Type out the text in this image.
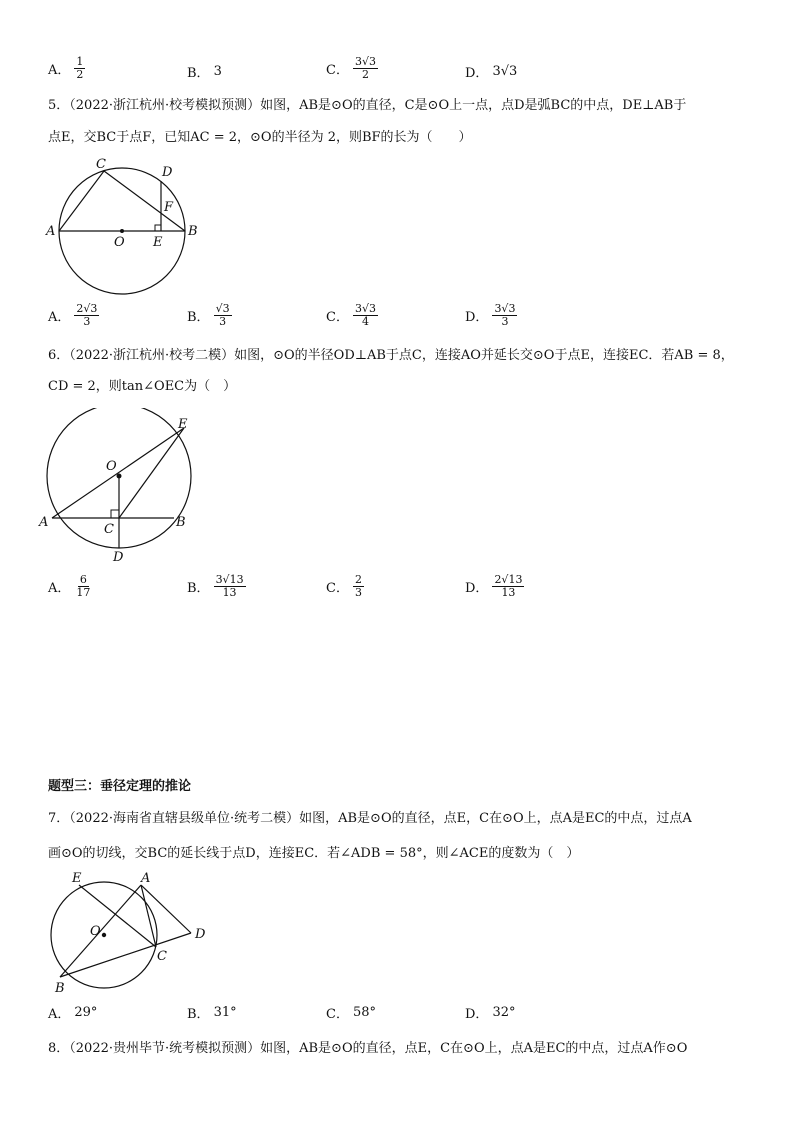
A． $\frac{1}{2}$	B． 3	C． $\frac{3√3}{2}$	D． 3√3
5．（2022·浙江杭州·校考模拟预测）如图，AB是⊙O的直径，C是⊙O上一点，点D是弧BC的中点，DE⊥AB于
点E，交BC于点F，已知AC = 2，⊙O的半径为 2，则BF的长为（　　）
A	B
C
D
E
F
O
A． $\frac{2√3}{3}$	B． $\frac{√3}{3}$	C． $\frac{3√3}{4}$	D． $\frac{3√3}{3}$
6．（2022·浙江杭州·校考二模）如图，⊙O的半径OD⊥AB于点C，连接AO并延长交⊙O于点E，连接EC．若AB = 8，
CD = 2，则tan∠OEC为（　）
A	B
C
D
E
O
A． $\frac{6}{17}$	B． $\frac{3√13}{13}$	C． $\frac{2}{3}$	D． $\frac{2√13}{13}$
题型三：垂径定理的推论
7．（2022·海南省直辖县级单位·统考二模）如图，AB是⊙O的直径，点E，C在⊙O上，点A是EC的中点，过点A
画⊙O的切线，交BC的延长线于点D，连接EC．若∠ADB = 58°，则∠ACE的度数为（　）
A
B
C
D
E
O
A． 29°	B． 31°	C． 58°	D． 32°
8．（2022·贵州毕节·统考模拟预测）如图，AB是⊙O的直径，点E，C在⊙O上，点A是EC的中点，过点A作⊙O
